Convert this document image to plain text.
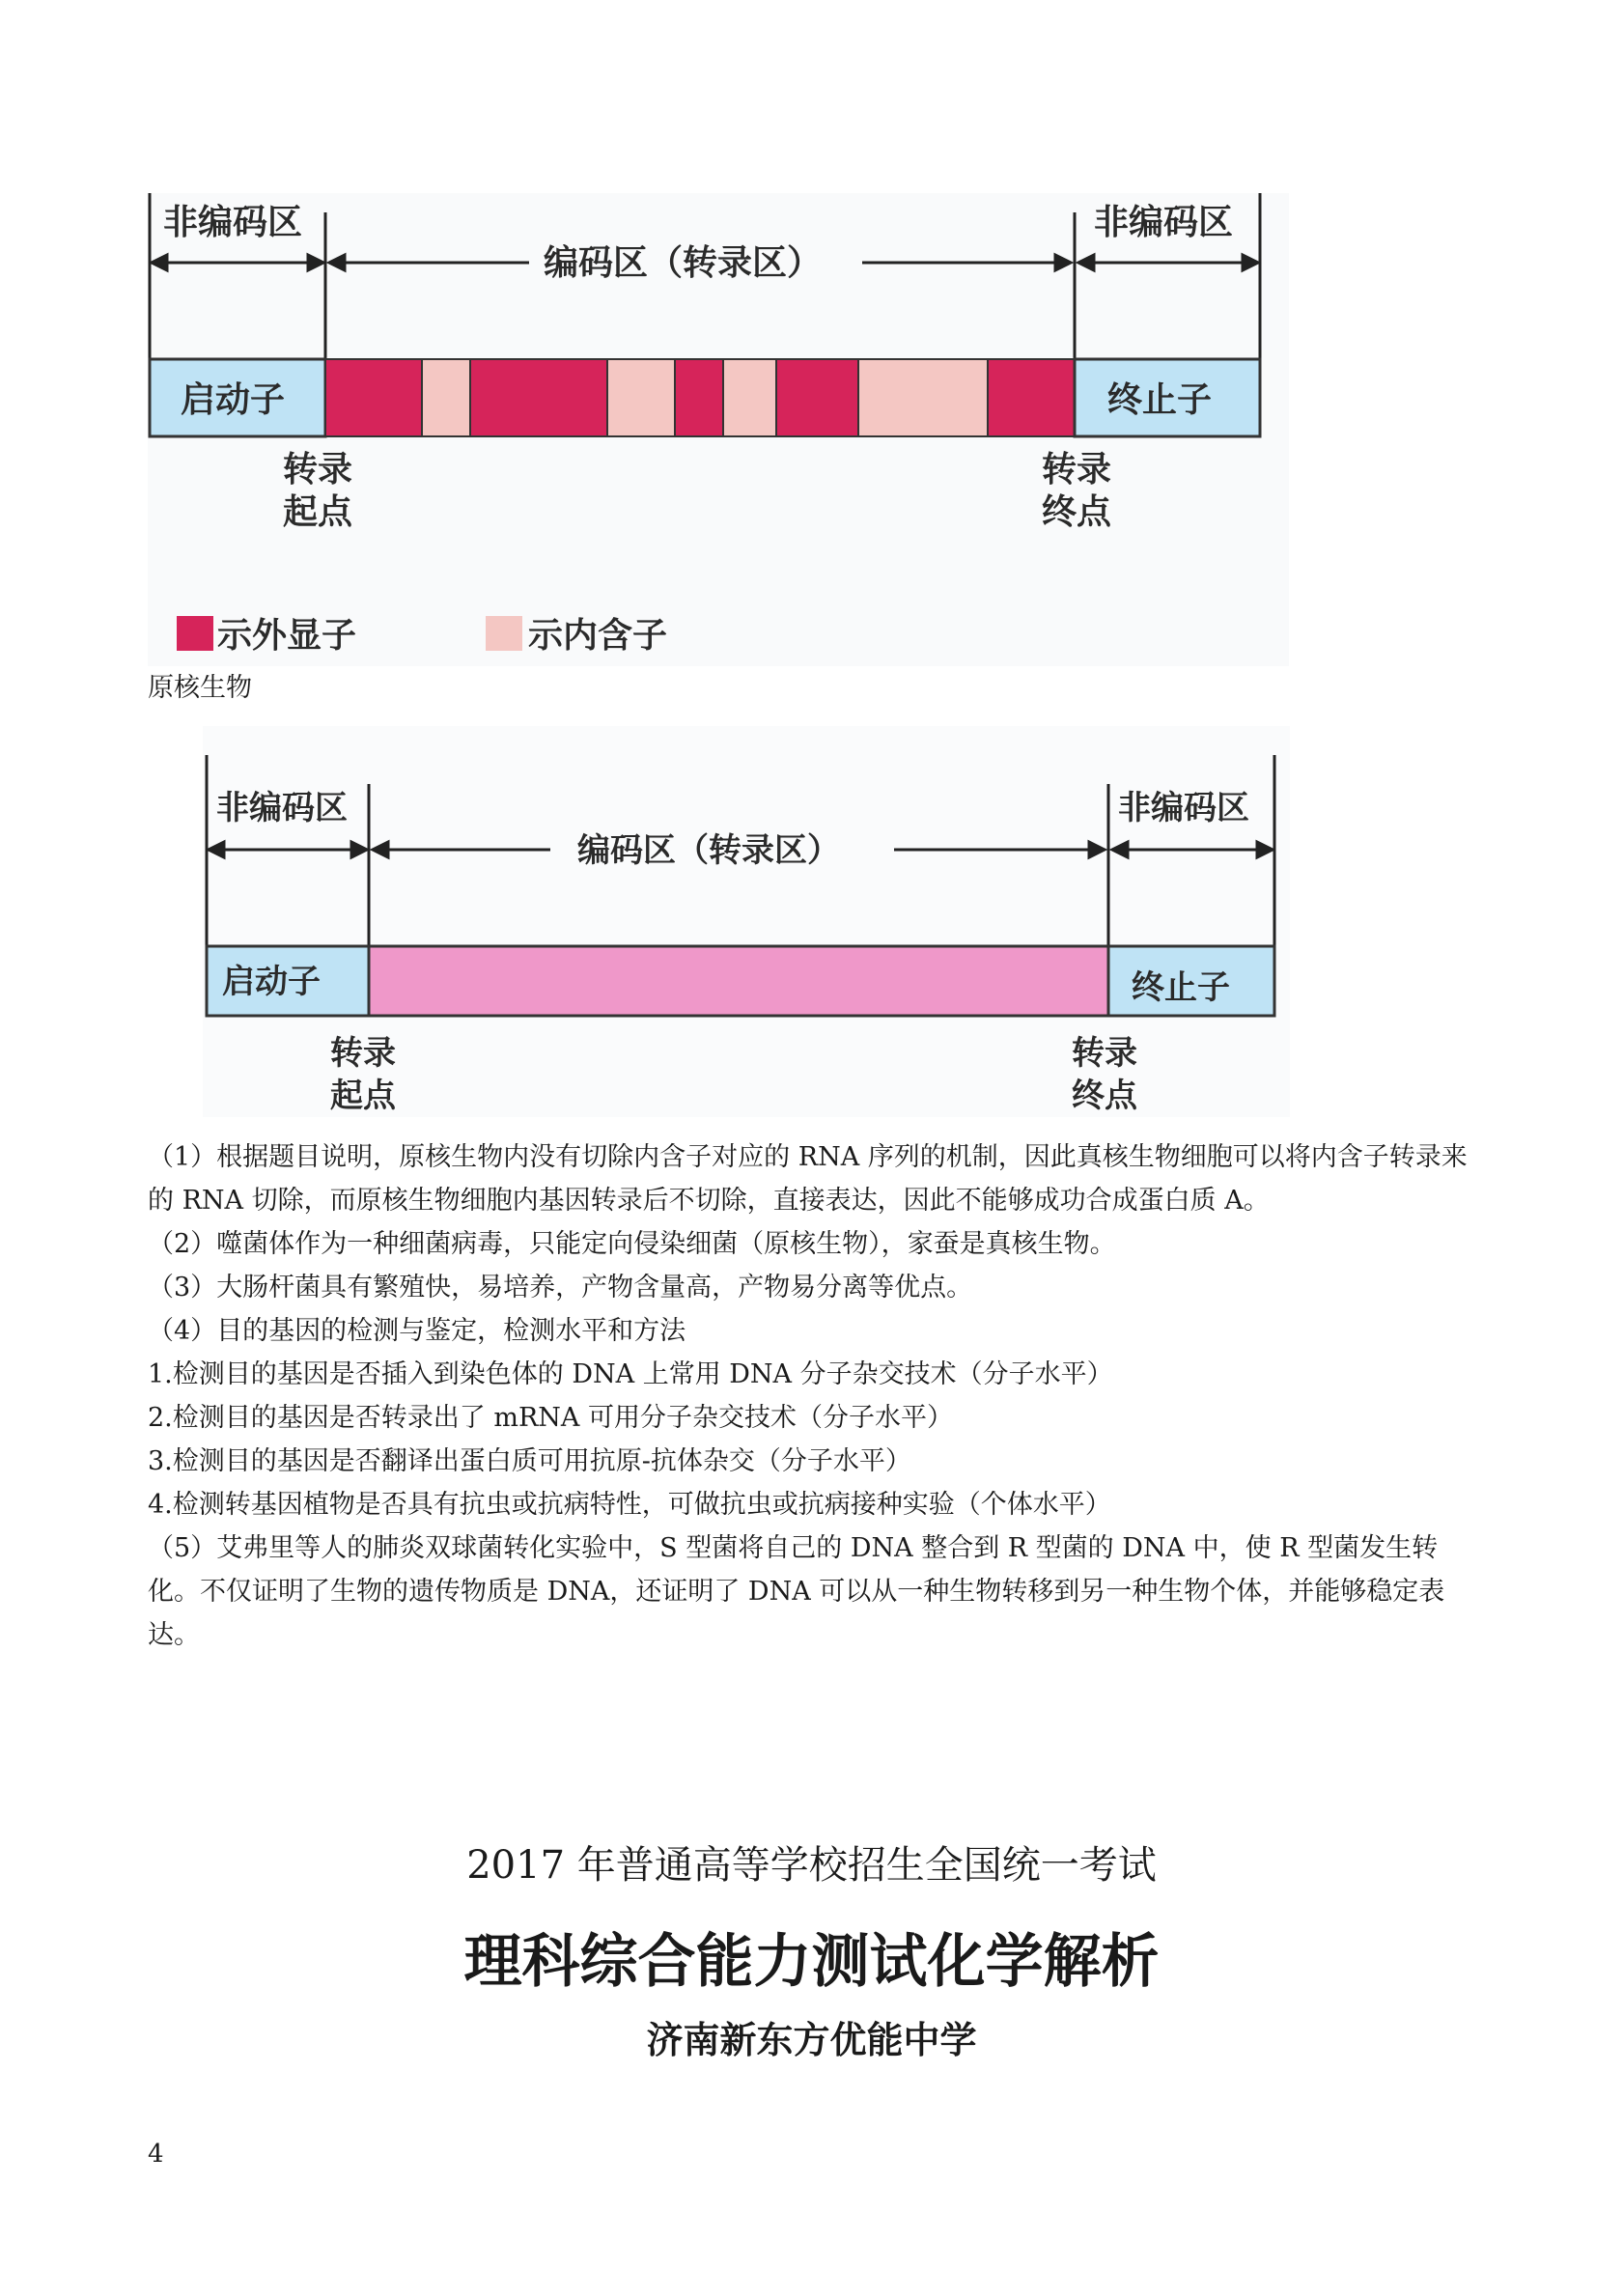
非编码区	非编码区
编码区（转录区）
启动子	终止子
转录
起点
转录
终点
示外显子	示内含子
原核生物
非编码区	非编码区
编码区（转录区）
启动子	终止子
转录
起点
转录
终点

（1）根据题目说明，原核生物内没有切除内含子对应的 RNA 序列的机制，因此真核生物细胞可以将内含子转录来的 RNA 切除，而原核生物细胞内基因转录后不切除，直接表达，因此不能够成功合成蛋白质 A。

（2）噬菌体作为一种细菌病毒，只能定向侵染细菌（原核生物），家蚕是真核生物。

（3）大肠杆菌具有繁殖快，易培养，产物含量高，产物易分离等优点。

（4）目的基因的检测与鉴定，检测水平和方法

1.检测目的基因是否插入到染色体的 DNA 上常用 DNA 分子杂交技术（分子水平）

2.检测目的基因是否转录出了 mRNA 可用分子杂交技术（分子水平）

3.检测目的基因是否翻译出蛋白质可用抗原-抗体杂交（分子水平）

4.检测转基因植物是否具有抗虫或抗病特性，可做抗虫或抗病接种实验（个体水平）

（5）艾弗里等人的肺炎双球菌转化实验中，S 型菌将自己的 DNA 整合到 R 型菌的 DNA 中，使 R 型菌发生转化。不仅证明了生物的遗传物质是 DNA，还证明了 DNA 可以从一种生物转移到另一种生物个体，并能够稳定表达。

2017 年普通高等学校招生全国统一考试
理科综合能力测试化学解析
济南新东方优能中学
4
